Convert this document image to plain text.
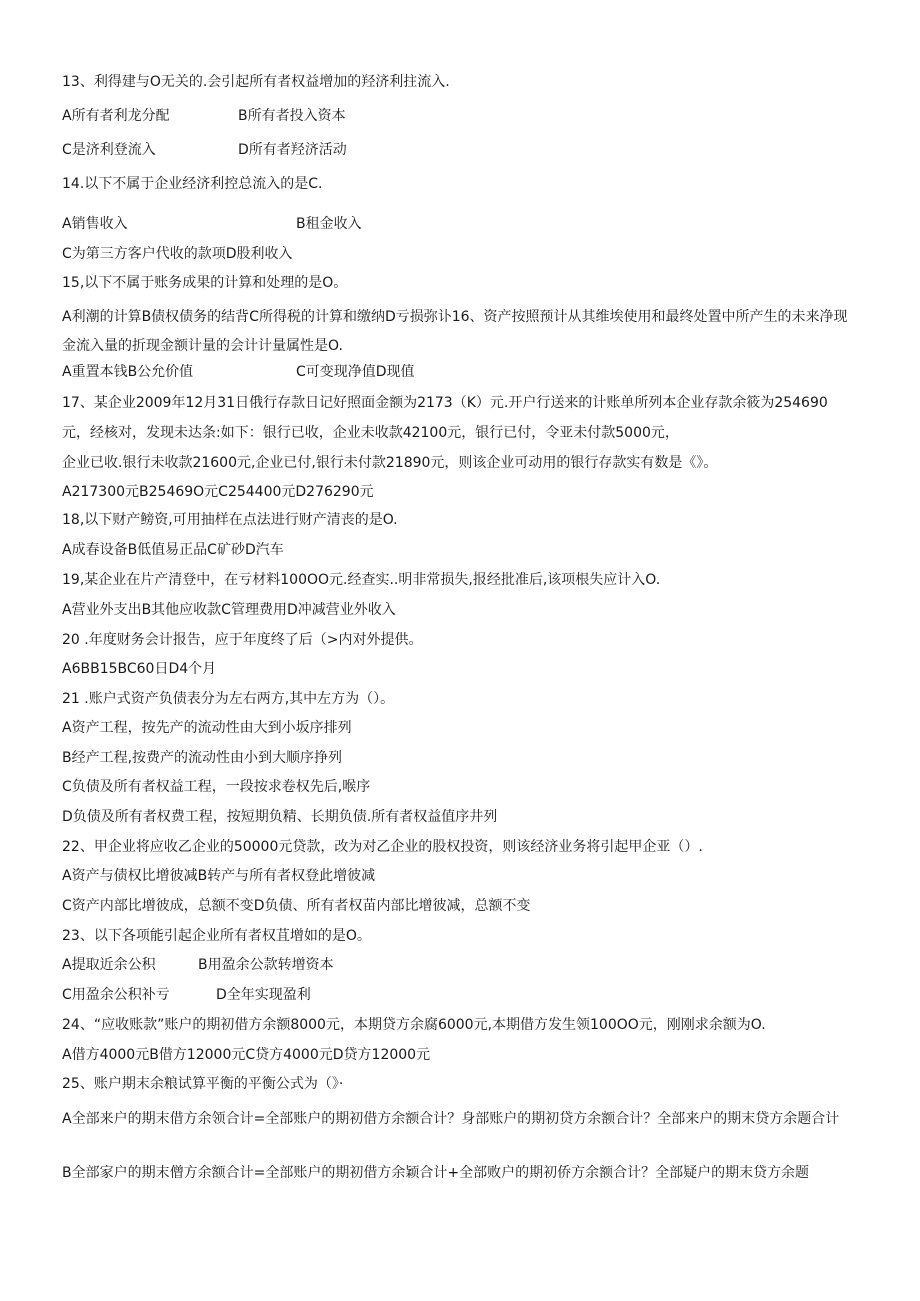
13、利得建与O无关的.会引起所有者权益增加的羟济利拄流入.
A所有者利龙分配	B所有者投入资本
C是济利登流入	D所有者羟济活动
14.以下不属于企业经济利控总流入的是C.
A销售收入	B租金收入
C为第三方客户代收的款项D股利收入
15,以下不属于账务成果的计算和处理的是O。
A利潮的计算B债权债务的结背C所得税的计算和缴纳D亏损弥讣16、资产按照预计从其维埃使用和最终处置中所产生的未来净现金流入量的折现金额计量的会计计量属性是O.
A重置本钱B公允价值	C可变现净值D现值
17、某企业2009年12月31日俄行存款日记好照面金额为2173（K）元.开户行送来的计账单所列本企业存款余筱为254690
元，经核对，发现未达条:如下：银行已收，企业未收款42100元，银行已付，令亚未付款5000元，
企业已收.银行未收款21600元,企业已付,银行未付款21890元，则该企业可动用的银行存款实有数是《》。
A217300元B25469O元C254400元D276290元
18,以下财产鳑资,可用抽样在点法进行财产清丧的是O.
A成春设备B低值易正品C矿砂D汽车
19,某企业在片产清登中，在亏材料100OO元.经查实..明非常损失,报经批准后,该项根失应计入O.
A营业外支出B其他应收款C管理费用D冲减营业外收入
20 .年度财务会计报告，应于年度终了后（>内对外提供。
A6BB15BC60日D4个月
21 .账户式资产负债表分为左右两方,其中左方为（）。
A资产工程，按先产的流动性由大到小坂序排列
B经产工程,按费产的流动性由小到大顺序挣列
C负债及所有者权益工程，一段按求卷权先后,喉序
D负债及所有者权费工程，按短期负精、长期负债.所有者权益值序井列
22、甲企业将应收乙企业的50000元贷款，改为对乙企业的股权投资，则该经济业务将引起甲企亚（）.
A资产与债权比增彼减B转产与所有者权登此增彼减
C资产内部比增彼成，总额不变D负债、所有者权苗内部比增彼减，总额不变
23、以下各项能引起企业所有者权苴增如的是O。
A提取近余公积	B用盈余公款转增资本
C用盈余公积补亏	D全年实现盈利
24、“应收账款”账户的期初借方余额8000元，本期贷方余腐6000元,本期借方发生领100OO元，刚刚求余额为O.
A借方4000元B借方12000元C贷方4000元D贷方12000元
25、账户期末余粮试算平衡的平衡公式为（》·
A全部来户的期末借方余领合计=全部账户的期初借方余额合计？身部账户的期初贷方余额合计？全部来户的期末贷方余题合计
B全部家户的期末僧方余额合计=全部账户的期初借方余颖合计+全部败户的期初侨方余额合计？全部疑户的期末贷方余题
